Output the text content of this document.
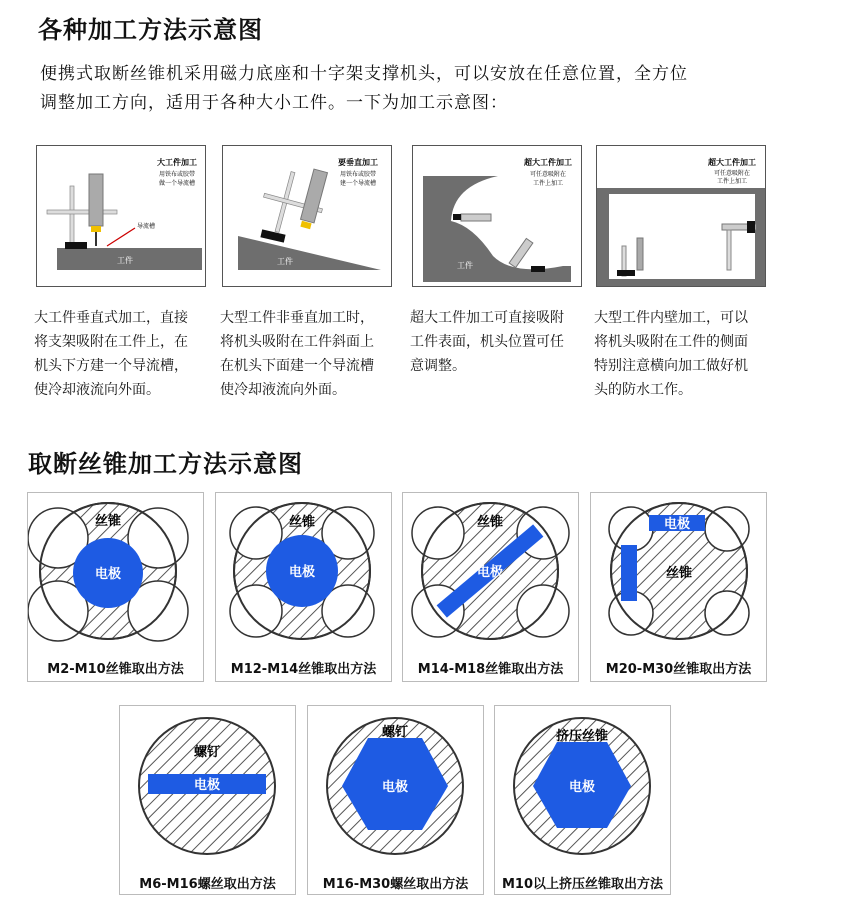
各种加工方法示意图
便携式取断丝锥机采用磁力底座和十字架支撑机头，可以安放在任意位置，全方位
调整加工方向，适用于各种大小工件。一下为加工示意图：
大工件加工
用铁布或胶带
做一个导流槽
工件
导流槽
大工件垂直式加工，直接
将支架吸附在工件上，在
机头下方建一个导流槽，
使冷却液流向外面。
要垂直加工
用铁布或胶带
建一个导流槽
工件
大型工件非垂直加工时，
将机头吸附在工件斜面上
在机头下面建一个导流槽
使冷却液流向外面。
超大工件加工
可任意吸附在
工件上加工
工件
超大工件加工可直接吸附
工件表面，机头位置可任
意调整。
超大工件加工
可任意吸附在
工件上加工
大型工件内壁加工，可以
将机头吸附在工件的侧面
特别注意横向加工做好机
头的防水工作。
取断丝锥加工方法示意图
丝锥
电极
M2-M10丝锥取出方法
丝锥
电极
M12-M14丝锥取出方法
丝锥
电极
M14-M18丝锥取出方法
电极
丝锥
M20-M30丝锥取出方法
螺钉
电极
M6-M16螺丝取出方法
螺钉
电极
M16-M30螺丝取出方法
挤压丝锥
电极
M10以上挤压丝锥取出方法
